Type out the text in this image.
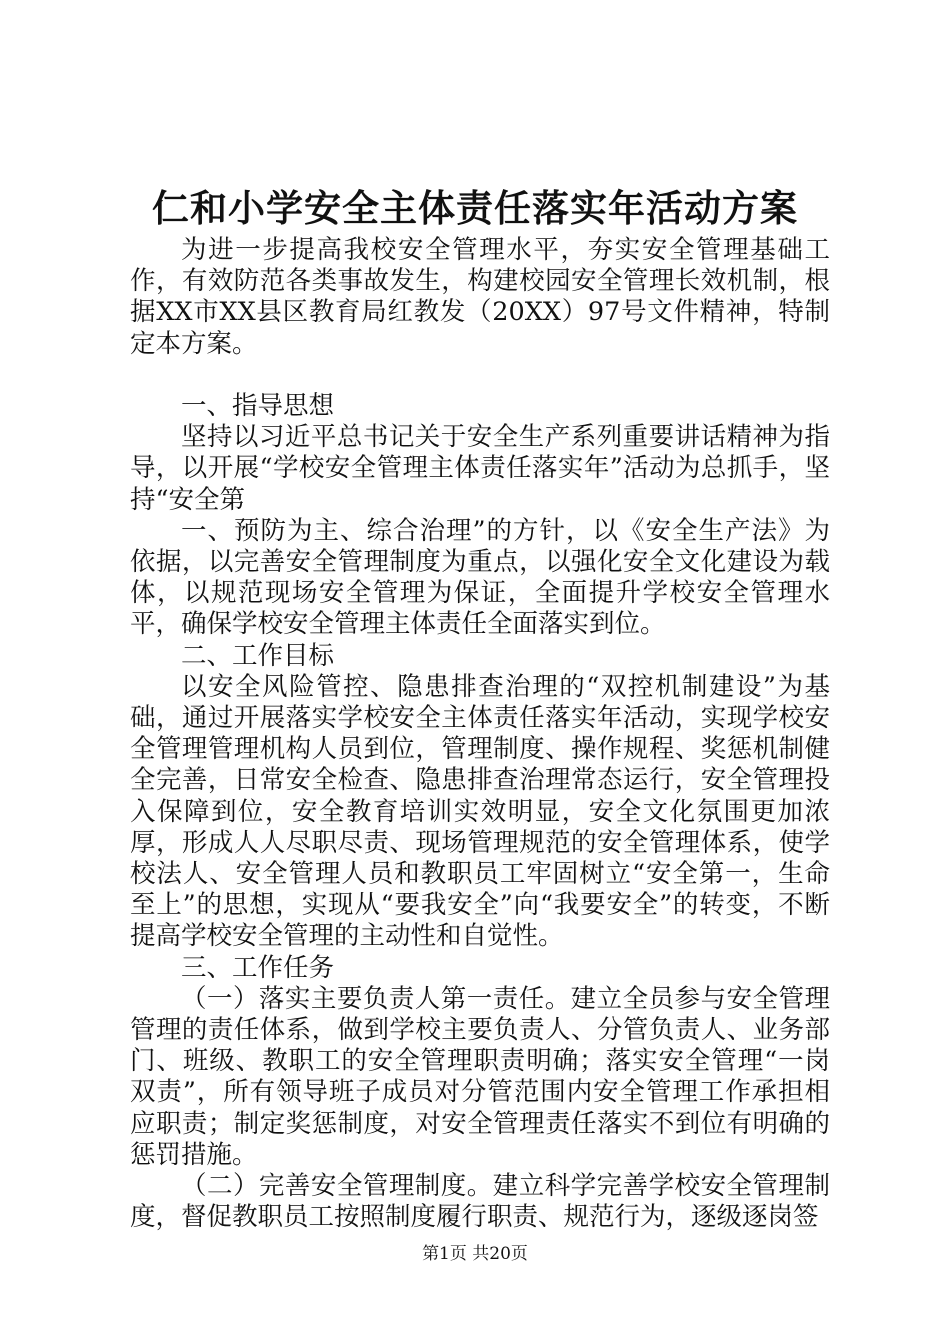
仁和小学安全主体责任落实年活动方案

为进一步提高我校安全管理水平，夯实安全管理基础工作，有效防范各类事故发生，构建校园安全管理长效机制，根据XX市XX县区教育局红教发（20XX）97号文件精神，特制定本方案。

一、指导思想

坚持以习近平总书记关于安全生产系列重要讲话精神为指导，以开展“学校安全管理主体责任落实年”活动为总抓手，坚持“安全第

一、预防为主、综合治理”的方针，以《安全生产法》为依据，以完善安全管理制度为重点，以强化安全文化建设为载体，以规范现场安全管理为保证，全面提升学校安全管理水平，确保学校安全管理主体责任全面落实到位。

二、工作目标

以安全风险管控、隐患排查治理的“双控机制建设”为基础，通过开展落实学校安全主体责任落实年活动，实现学校安全管理管理机构人员到位，管理制度、操作规程、奖惩机制健全完善，日常安全检查、隐患排查治理常态运行，安全管理投入保障到位，安全教育培训实效明显，安全文化氛围更加浓厚，形成人人尽职尽责、现场管理规范的安全管理体系，使学校法人、安全管理人员和教职员工牢固树立“安全第一，生命至上”的思想，实现从“要我安全”向“我要安全”的转变，不断提高学校安全管理的主动性和自觉性。

三、工作任务

（一）落实主要负责人第一责任。建立全员参与安全管理管理的责任体系，做到学校主要负责人、分管负责人、业务部门、班级、教职工的安全管理职责明确；落实安全管理“一岗双责”，所有领导班子成员对分管范围内安全管理工作承担相应职责；制定奖惩制度，对安全管理责任落实不到位有明确的惩罚措施。

（二）完善安全管理制度。建立科学完善学校安全管理制度，督促教职员工按照制度履行职责、规范行为，逐级逐岗签

第1页 共20页
